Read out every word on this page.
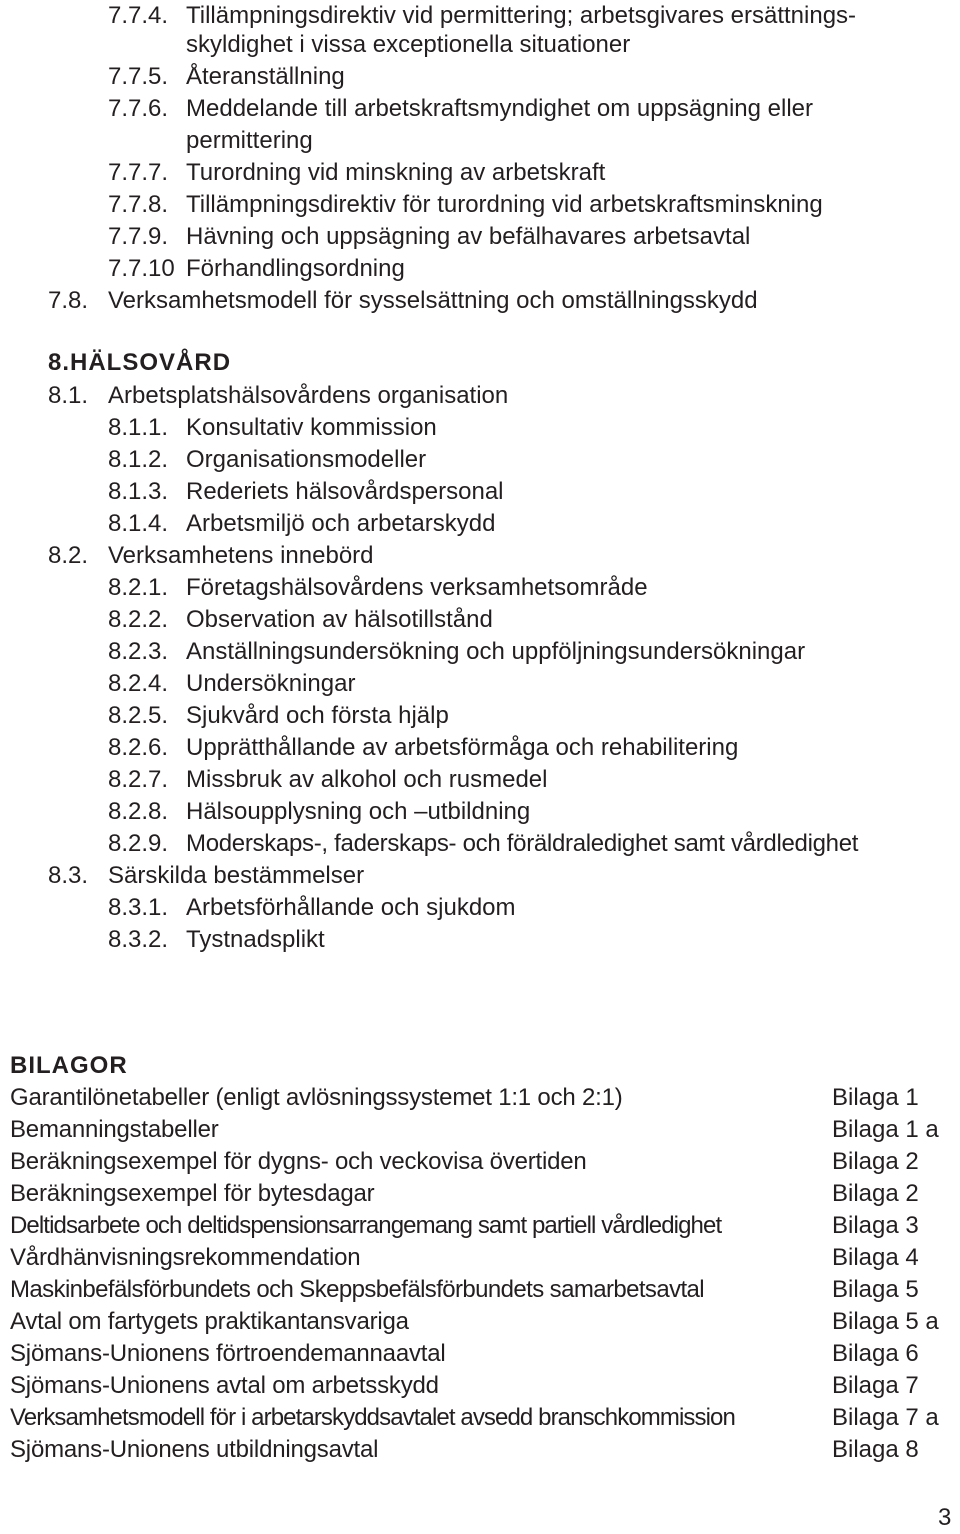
7.7.4. Tillämpningsdirektiv vid permittering; arbetsgivares ersättnings-
skyldighet i vissa exceptionella situationer
7.7.5. Återanställning
7.7.6. Meddelande till arbetskraftsmyndighet om uppsägning eller
permittering
7.7.7. Turordning vid minskning av arbetskraft
7.7.8. Tillämpningsdirektiv för turordning vid arbetskraftsminskning
7.7.9. Hävning och uppsägning av befälhavares arbetsavtal
7.7.10 Förhandlingsordning
7.8. Verksamhetsmodell för sysselsättning och omställningsskydd
8.HÄLSOVÅRD
8.1. Arbetsplatshälsovårdens organisation
8.1.1. Konsultativ kommission
8.1.2. Organisationsmodeller
8.1.3. Rederiets hälsovårdspersonal
8.1.4. Arbetsmiljö och arbetarskydd
8.2. Verksamhetens innebörd
8.2.1. Företagshälsovårdens verksamhetsområde
8.2.2. Observation av hälsotillstånd
8.2.3. Anställningsundersökning och uppföljningsundersökningar
8.2.4. Undersökningar
8.2.5. Sjukvård och första hjälp
8.2.6. Upprätthållande av arbetsförmåga och rehabilitering
8.2.7. Missbruk av alkohol och rusmedel
8.2.8. Hälsoupplysning och –utbildning
8.2.9. Moderskaps-, faderskaps- och föräldraledighet samt vårdledighet
8.3. Särskilda bestämmelser
8.3.1. Arbetsförhållande och sjukdom
8.3.2. Tystnadsplikt
BILAGOR
Garantilönetabeller (enligt avlösningssystemet 1:1 och 2:1)	Bilaga 1
Bemanningstabeller	Bilaga 1 a
Beräkningsexempel för dygns- och veckovisa övertiden	Bilaga 2
Beräkningsexempel för bytesdagar	Bilaga 2
Deltidsarbete och deltidspensionsarrangemang samt partiell vårdledighet	Bilaga 3
Vårdhänvisningsrekommendation	Bilaga 4
Maskinbefälsförbundets och Skeppsbefälsförbundets samarbetsavtal	Bilaga 5
Avtal om fartygets praktikantansvariga	Bilaga 5 a
Sjömans-Unionens förtroendemannaavtal	Bilaga 6
Sjömans-Unionens avtal om arbetsskydd	Bilaga 7
Verksamhetsmodell för i arbetarskyddsavtalet avsedd branschkommission	Bilaga 7 a
Sjömans-Unionens utbildningsavtal	Bilaga 8
3
